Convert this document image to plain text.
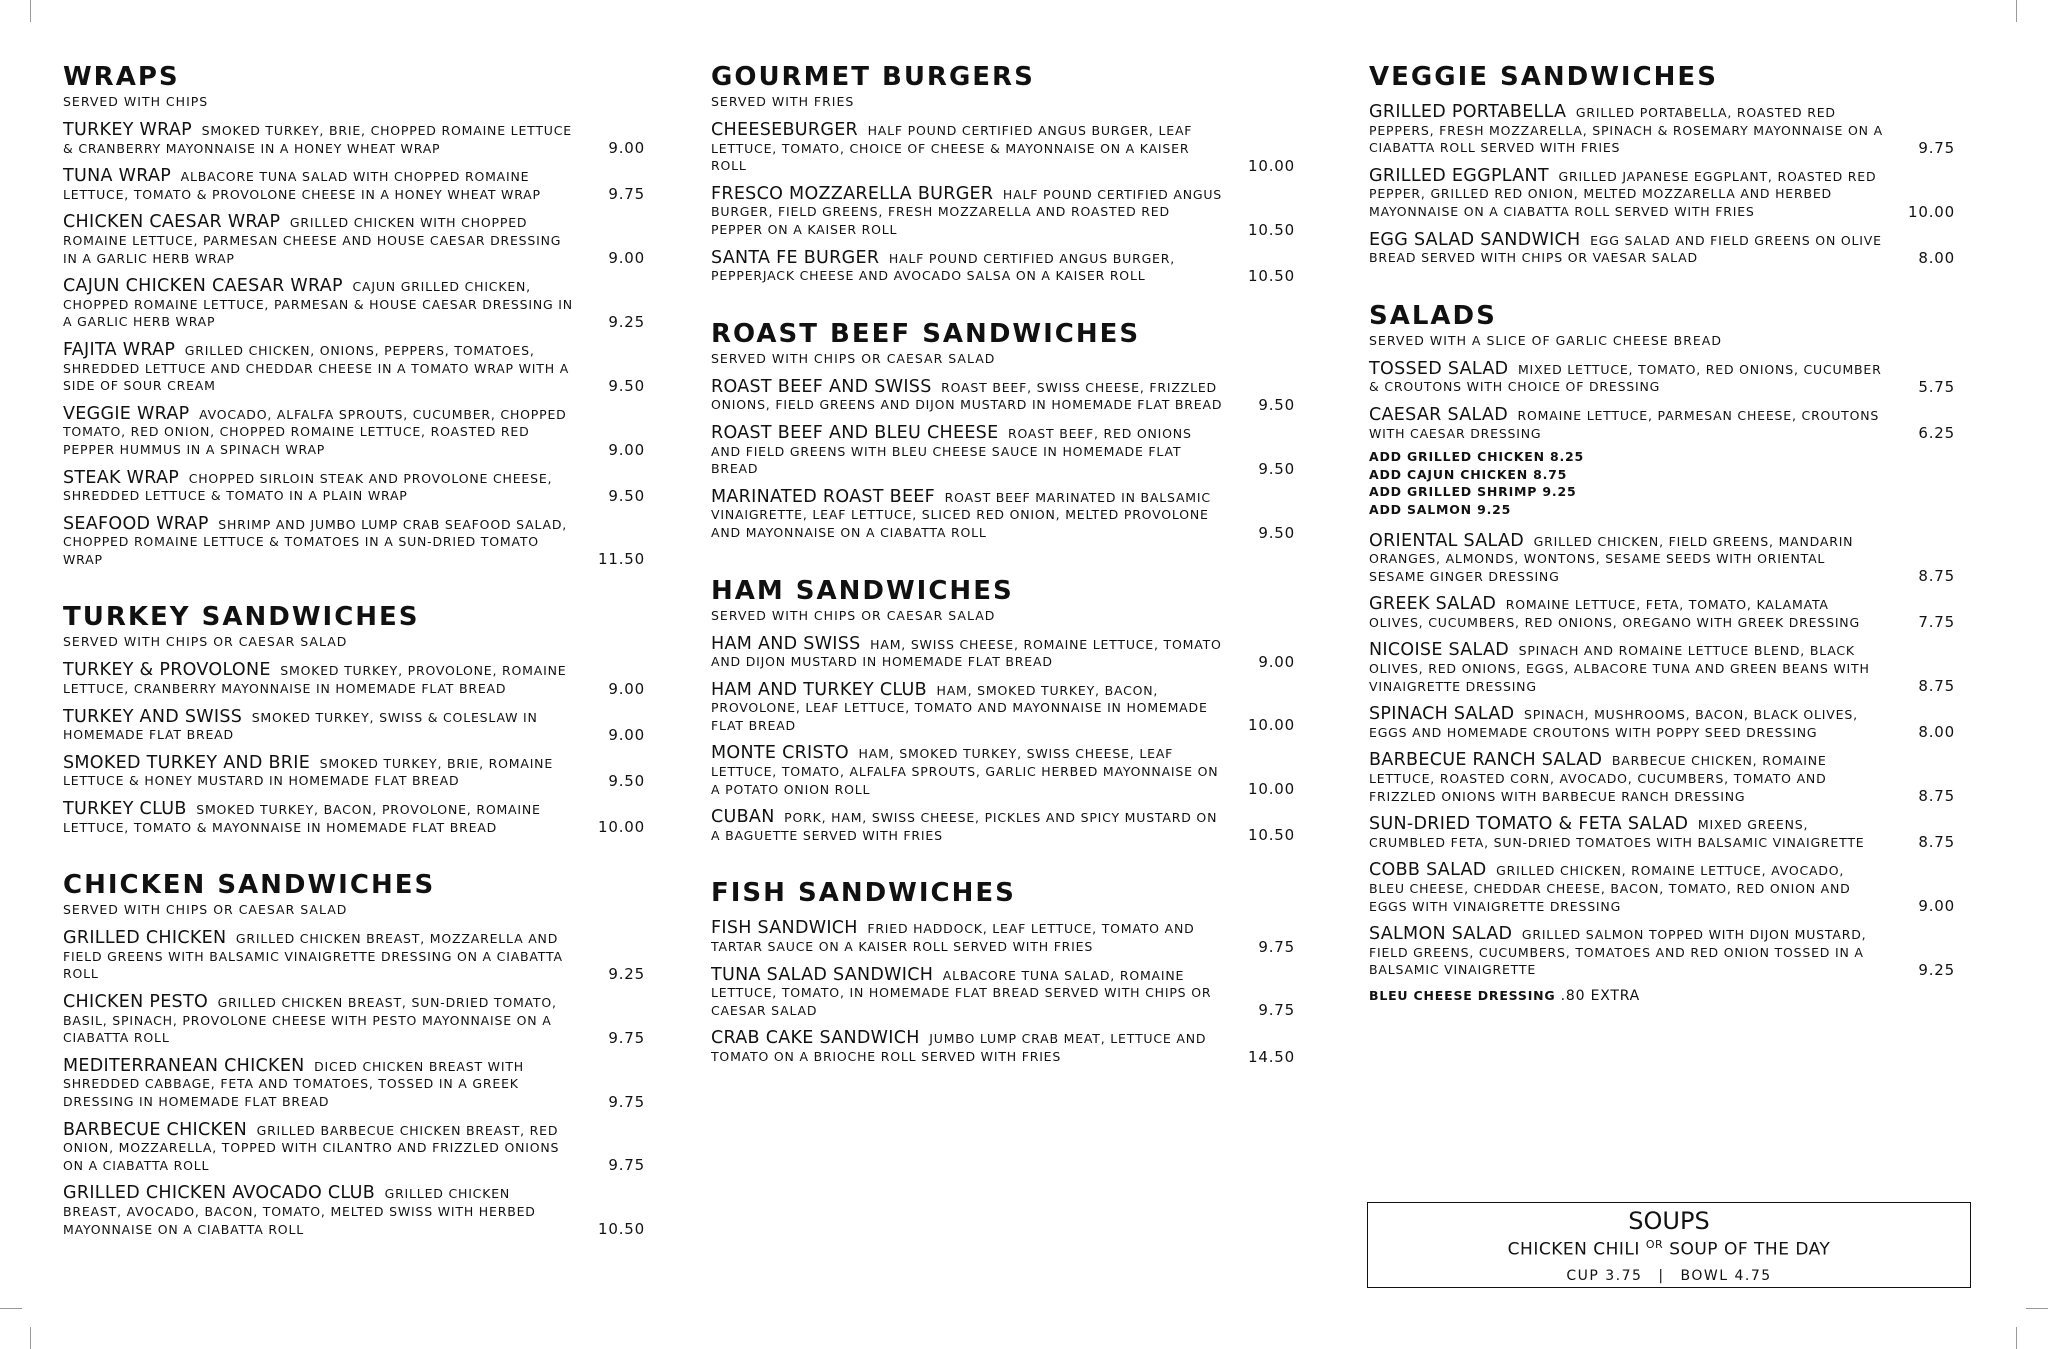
WRAPS
SERVED WITH CHIPS
TURKEY WRAP SMOKED TURKEY, BRIE, CHOPPED ROMAINE LETTUCE & CRANBERRY MAYONNAISE IN A HONEY WHEAT WRAP	9.00
TUNA WRAP ALBACORE TUNA SALAD WITH CHOPPED ROMAINE LETTUCE, TOMATO & PROVOLONE CHEESE IN A HONEY WHEAT WRAP	9.75
CHICKEN CAESAR WRAP GRILLED CHICKEN WITH CHOPPED ROMAINE LETTUCE, PARMESAN CHEESE AND HOUSE CAESAR DRESSING IN A GARLIC HERB WRAP	9.00
CAJUN CHICKEN CAESAR WRAP CAJUN GRILLED CHICKEN, CHOPPED ROMAINE LETTUCE, PARMESAN & HOUSE CAESAR DRESSING IN A GARLIC HERB WRAP	9.25
FAJITA WRAP GRILLED CHICKEN, ONIONS, PEPPERS, TOMATOES, SHREDDED LETTUCE AND CHEDDAR CHEESE IN A TOMATO WRAP WITH A SIDE OF SOUR CREAM	9.50
VEGGIE WRAP AVOCADO, ALFALFA SPROUTS, CUCUMBER, CHOPPED TOMATO, RED ONION, CHOPPED ROMAINE LETTUCE, ROASTED RED PEPPER HUMMUS IN A SPINACH WRAP	9.00
STEAK WRAP CHOPPED SIRLOIN STEAK AND PROVOLONE CHEESE, SHREDDED LETTUCE & TOMATO IN A PLAIN WRAP	9.50
SEAFOOD WRAP SHRIMP AND JUMBO LUMP CRAB SEAFOOD SALAD, CHOPPED ROMAINE LETTUCE & TOMATOES IN A SUN-DRIED TOMATO WRAP	11.50
TURKEY SANDWICHES
SERVED WITH CHIPS OR CAESAR SALAD
TURKEY & PROVOLONE SMOKED TURKEY, PROVOLONE, ROMAINE LETTUCE, CRANBERRY MAYONNAISE IN HOMEMADE FLAT BREAD	9.00
TURKEY AND SWISS SMOKED TURKEY, SWISS & COLESLAW IN HOMEMADE FLAT BREAD	9.00
SMOKED TURKEY AND BRIE SMOKED TURKEY, BRIE, ROMAINE LETTUCE & HONEY MUSTARD IN HOMEMADE FLAT BREAD	9.50
TURKEY CLUB SMOKED TURKEY, BACON, PROVOLONE, ROMAINE LETTUCE, TOMATO & MAYONNAISE IN HOMEMADE FLAT BREAD	10.00
CHICKEN SANDWICHES
SERVED WITH CHIPS OR CAESAR SALAD
GRILLED CHICKEN GRILLED CHICKEN BREAST, MOZZARELLA AND FIELD GREENS WITH BALSAMIC VINAIGRETTE DRESSING ON A CIABATTA ROLL	9.25
CHICKEN PESTO GRILLED CHICKEN BREAST, SUN-DRIED TOMATO, BASIL, SPINACH, PROVOLONE CHEESE WITH PESTO MAYONNAISE ON A CIABATTA ROLL	9.75
MEDITERRANEAN CHICKEN DICED CHICKEN BREAST WITH SHREDDED CABBAGE, FETA AND TOMATOES, TOSSED IN A GREEK DRESSING IN HOMEMADE FLAT BREAD	9.75
BARBECUE CHICKEN GRILLED BARBECUE CHICKEN BREAST, RED ONION, MOZZARELLA, TOPPED WITH CILANTRO AND FRIZZLED ONIONS ON A CIABATTA ROLL	9.75
GRILLED CHICKEN AVOCADO CLUB GRILLED CHICKEN BREAST, AVOCADO, BACON, TOMATO, MELTED SWISS WITH HERBED MAYONNAISE ON A CIABATTA ROLL	10.50
GOURMET BURGERS
SERVED WITH FRIES
CHEESEBURGER HALF POUND CERTIFIED ANGUS BURGER, LEAF LETTUCE, TOMATO, CHOICE OF CHEESE & MAYONNAISE ON A KAISER ROLL	10.00
FRESCO MOZZARELLA BURGER HALF POUND CERTIFIED ANGUS BURGER, FIELD GREENS, FRESH MOZZARELLA AND ROASTED RED PEPPER ON A KAISER ROLL	10.50
SANTA FE BURGER HALF POUND CERTIFIED ANGUS BURGER, PEPPERJACK CHEESE AND AVOCADO SALSA ON A KAISER ROLL	10.50
ROAST BEEF SANDWICHES
SERVED WITH CHIPS OR CAESAR SALAD
ROAST BEEF AND SWISS ROAST BEEF, SWISS CHEESE, FRIZZLED ONIONS, FIELD GREENS AND DIJON MUSTARD IN HOMEMADE FLAT BREAD	9.50
ROAST BEEF AND BLEU CHEESE ROAST BEEF, RED ONIONS AND FIELD GREENS WITH BLEU CHEESE SAUCE IN HOMEMADE FLAT BREAD	9.50
MARINATED ROAST BEEF ROAST BEEF MARINATED IN BALSAMIC VINAIGRETTE, LEAF LETTUCE, SLICED RED ONION, MELTED PROVOLONE AND MAYONNAISE ON A CIABATTA ROLL	9.50
HAM SANDWICHES
SERVED WITH CHIPS OR CAESAR SALAD
HAM AND SWISS HAM, SWISS CHEESE, ROMAINE LETTUCE, TOMATO AND DIJON MUSTARD IN HOMEMADE FLAT BREAD	9.00
HAM AND TURKEY CLUB HAM, SMOKED TURKEY, BACON, PROVOLONE, LEAF LETTUCE, TOMATO AND MAYONNAISE IN HOMEMADE FLAT BREAD	10.00
MONTE CRISTO HAM, SMOKED TURKEY, SWISS CHEESE, LEAF LETTUCE, TOMATO, ALFALFA SPROUTS, GARLIC HERBED MAYONNAISE ON A POTATO ONION ROLL	10.00
CUBAN PORK, HAM, SWISS CHEESE, PICKLES AND SPICY MUSTARD ON A BAGUETTE SERVED WITH FRIES	10.50
FISH SANDWICHES
FISH SANDWICH FRIED HADDOCK, LEAF LETTUCE, TOMATO AND TARTAR SAUCE ON A KAISER ROLL SERVED WITH FRIES	9.75
TUNA SALAD SANDWICH ALBACORE TUNA SALAD, ROMAINE LETTUCE, TOMATO, IN HOMEMADE FLAT BREAD SERVED WITH CHIPS OR CAESAR SALAD	9.75
CRAB CAKE SANDWICH JUMBO LUMP CRAB MEAT, LETTUCE AND TOMATO ON A BRIOCHE ROLL SERVED WITH FRIES	14.50
VEGGIE SANDWICHES
GRILLED PORTABELLA GRILLED PORTABELLA, ROASTED RED PEPPERS, FRESH MOZZARELLA, SPINACH & ROSEMARY MAYONNAISE ON A CIABATTA ROLL SERVED WITH FRIES	9.75
GRILLED EGGPLANT GRILLED JAPANESE EGGPLANT, ROASTED RED PEPPER, GRILLED RED ONION, MELTED MOZZARELLA AND HERBED MAYONNAISE ON A CIABATTA ROLL SERVED WITH FRIES	10.00
EGG SALAD SANDWICH EGG SALAD AND FIELD GREENS ON OLIVE BREAD SERVED WITH CHIPS OR VAESAR SALAD	8.00
SALADS
SERVED WITH A SLICE OF GARLIC CHEESE BREAD
TOSSED SALAD MIXED LETTUCE, TOMATO, RED ONIONS, CUCUMBER & CROUTONS WITH CHOICE OF DRESSING	5.75
CAESAR SALAD ROMAINE LETTUCE, PARMESAN CHEESE, CROUTONS WITH CAESAR DRESSING	6.25
ADD GRILLED CHICKEN 8.25
ADD CAJUN CHICKEN 8.75
ADD GRILLED SHRIMP 9.25
ADD SALMON 9.25
ORIENTAL SALAD GRILLED CHICKEN, FIELD GREENS, MANDARIN ORANGES, ALMONDS, WONTONS, SESAME SEEDS WITH ORIENTAL SESAME GINGER DRESSING	8.75
GREEK SALAD ROMAINE LETTUCE, FETA, TOMATO, KALAMATA OLIVES, CUCUMBERS, RED ONIONS, OREGANO WITH GREEK DRESSING	7.75
NICOISE SALAD SPINACH AND ROMAINE LETTUCE BLEND, BLACK OLIVES, RED ONIONS, EGGS, ALBACORE TUNA AND GREEN BEANS WITH VINAIGRETTE DRESSING	8.75
SPINACH SALAD SPINACH, MUSHROOMS, BACON, BLACK OLIVES, EGGS AND HOMEMADE CROUTONS WITH POPPY SEED DRESSING	8.00
BARBECUE RANCH SALAD BARBECUE CHICKEN, ROMAINE LETTUCE, ROASTED CORN, AVOCADO, CUCUMBERS, TOMATO AND FRIZZLED ONIONS WITH BARBECUE RANCH DRESSING	8.75
SUN-DRIED TOMATO & FETA SALAD MIXED GREENS, CRUMBLED FETA, SUN-DRIED TOMATOES WITH BALSAMIC VINAIGRETTE	8.75
COBB SALAD GRILLED CHICKEN, ROMAINE LETTUCE, AVOCADO, BLEU CHEESE, CHEDDAR CHEESE, BACON, TOMATO, RED ONION AND EGGS WITH VINAIGRETTE DRESSING	9.00
SALMON SALAD GRILLED SALMON TOPPED WITH DIJON MUSTARD, FIELD GREENS, CUCUMBERS, TOMATOES AND RED ONION TOSSED IN A BALSAMIC VINAIGRETTE	9.25
BLEU CHEESE DRESSING .80 EXTRA
SOUPS
CHICKEN CHILI $^{OR}$ SOUP OF THE DAY
CUP 3.75 | BOWL 4.75
